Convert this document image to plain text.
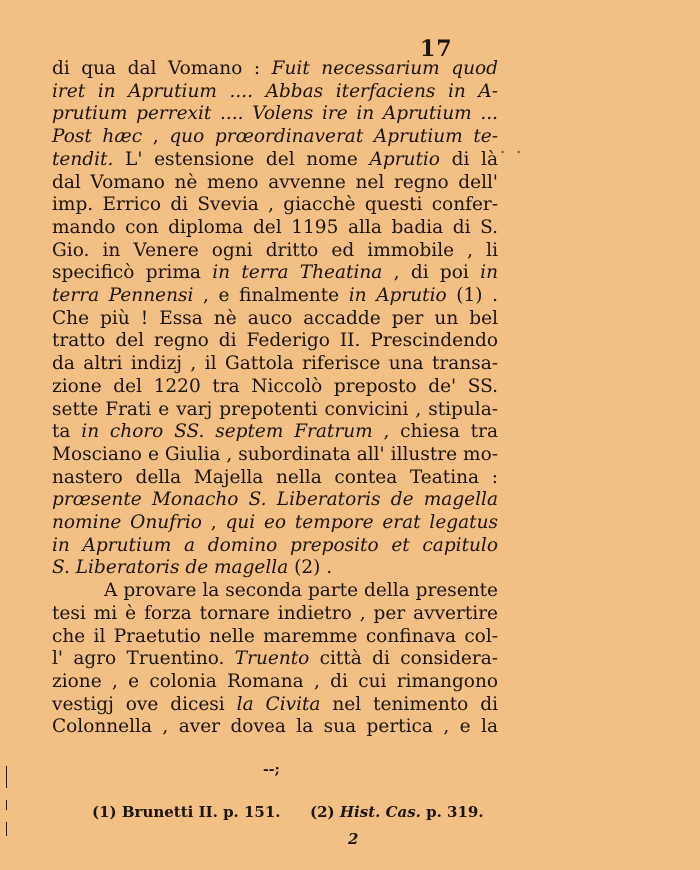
17
. .
di qua dal Vomano : Fuit necessarium quod
iret in Aprutium .... Abbas iterfaciens in A-
prutium perrexit .... Volens ire in Aprutium ...
Post hæc , quo prœordinaverat Aprutium te-
tendit. L' estensione del nome Aprutio di là
dal Vomano nè meno avvenne nel regno dell'
imp. Errico di Svevia , giacchè questi confer-
mando con diploma del 1195 alla badia di S.
Gio. in Venere ogni dritto ed immobile , li
specificò prima in terra Theatina , di poi in
terra Pennensi , e finalmente in Aprutio (1) .
Che più ! Essa nè auco accadde per un bel
tratto del regno di Federigo II. Prescindendo
da altri indizj , il Gattola riferisce una transa-
zione del 1220 tra Niccolò preposto de' SS.
sette Frati e varj prepotenti convicini , stipula-
ta in choro SS. septem Fratrum , chiesa tra
Mosciano e Giulia , subordinata all' illustre mo-
nastero della Majella nella contea Teatina :
prœsente Monacho S. Liberatoris de magella
nomine Onufrio , qui eo tempore erat legatus
in Aprutium a domino preposito et capitulo
S. Liberatoris de magella (2) .
A provare la seconda parte della presente
tesi mi è forza tornare indietro , per avvertire
che il Praetutio nelle maremme confinava col-
l' agro Truentino. Truento città di considera-
zione , e colonia Romana , di cui rimangono
vestigj ove dicesi la Civita nel tenimento di
Colonnella , aver dovea la sua pertica , e la
--;
(1) Brunetti II. p. 151. (2) Hist. Cas. p. 319.
2
